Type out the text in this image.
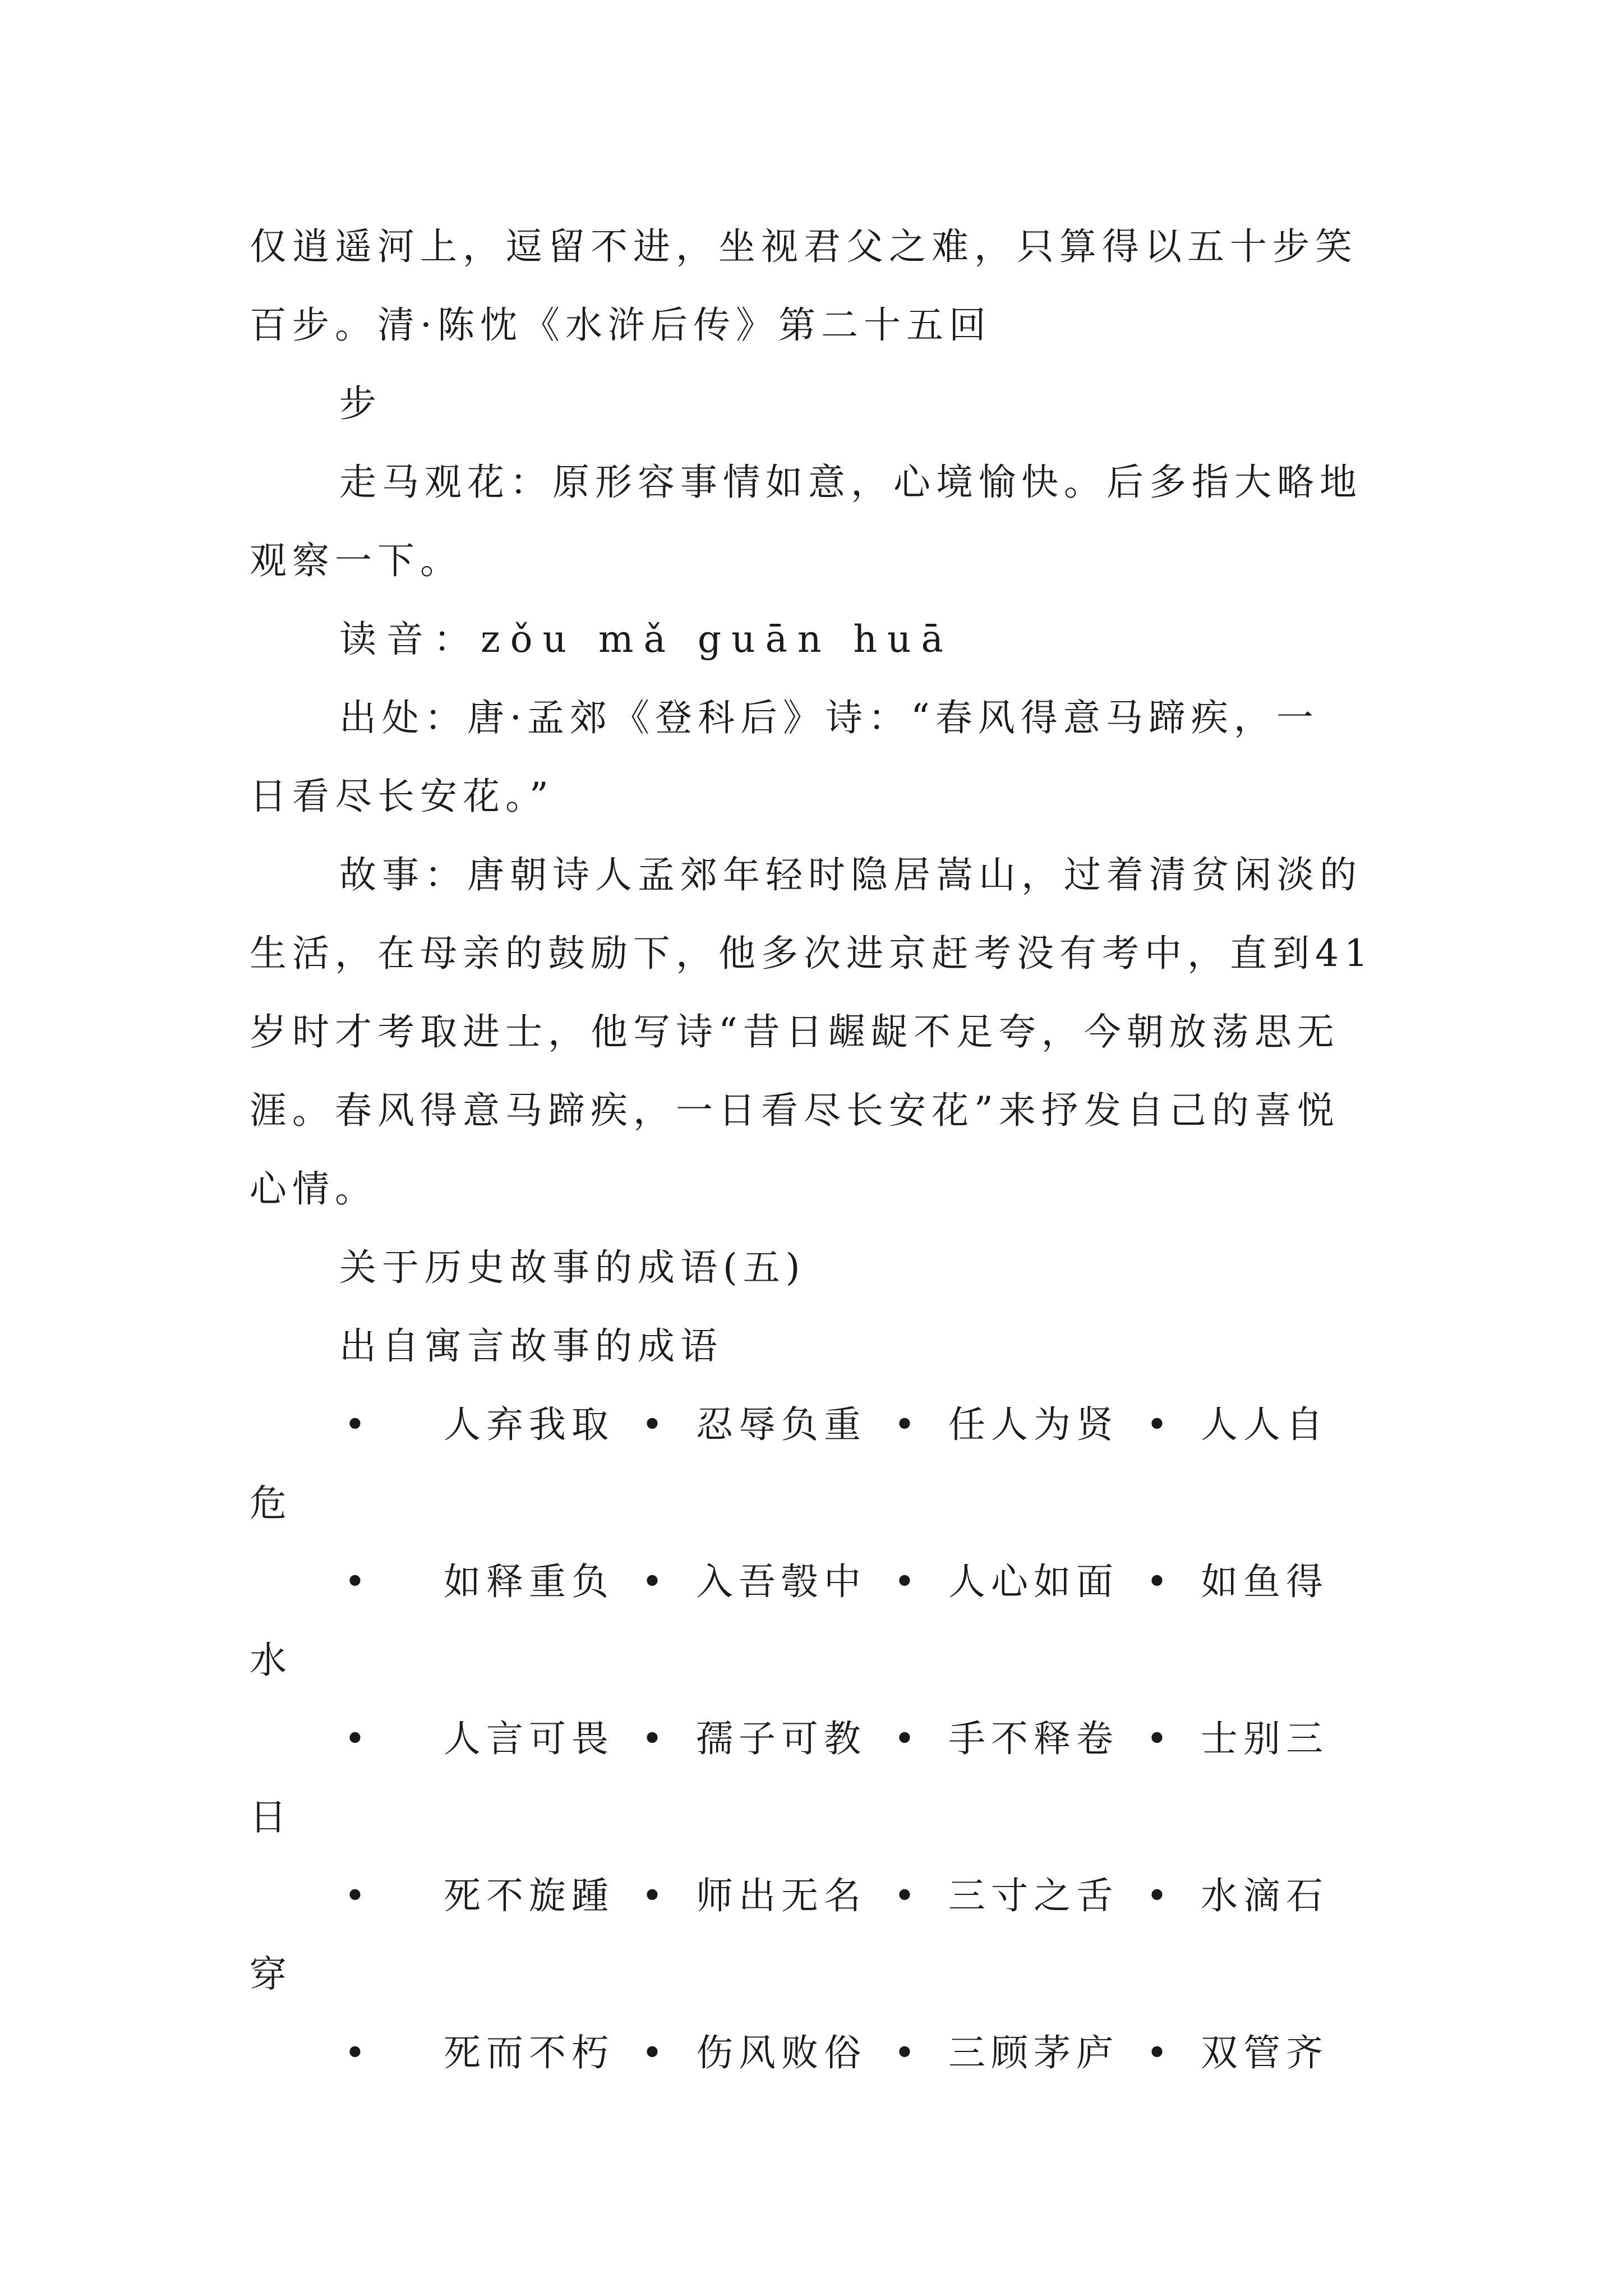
仅逍遥河上，逗留不进，坐视君父之难，只算得以五十步笑
百步。清·陈忱《水浒后传》第二十五回
步
走马观花：原形容事情如意，心境愉快。后多指大略地
观察一下。
读音：zǒu mǎ guān huā
出处：唐·孟郊《登科后》诗：“春风得意马蹄疾，一
日看尽长安花。”
故事：唐朝诗人孟郊年轻时隐居嵩山，过着清贫闲淡的
生活，在母亲的鼓励下，他多次进京赶考没有考中，直到41
岁时才考取进士，他写诗“昔日龌龊不足夸，今朝放荡思无
涯。春风得意马蹄疾，一日看尽长安花”来抒发自己的喜悦
心情。
关于历史故事的成语(五)
出自寓言故事的成语
• 人弃我取 • 忍辱负重 • 任人为贤 • 人人自
危
• 如释重负 • 入吾彀中 • 人心如面 • 如鱼得
水
• 人言可畏 • 孺子可教 • 手不释卷 • 士别三
日
• 死不旋踵 • 师出无名 • 三寸之舌 • 水滴石
穿
• 死而不朽 • 伤风败俗 • 三顾茅庐 • 双管齐
